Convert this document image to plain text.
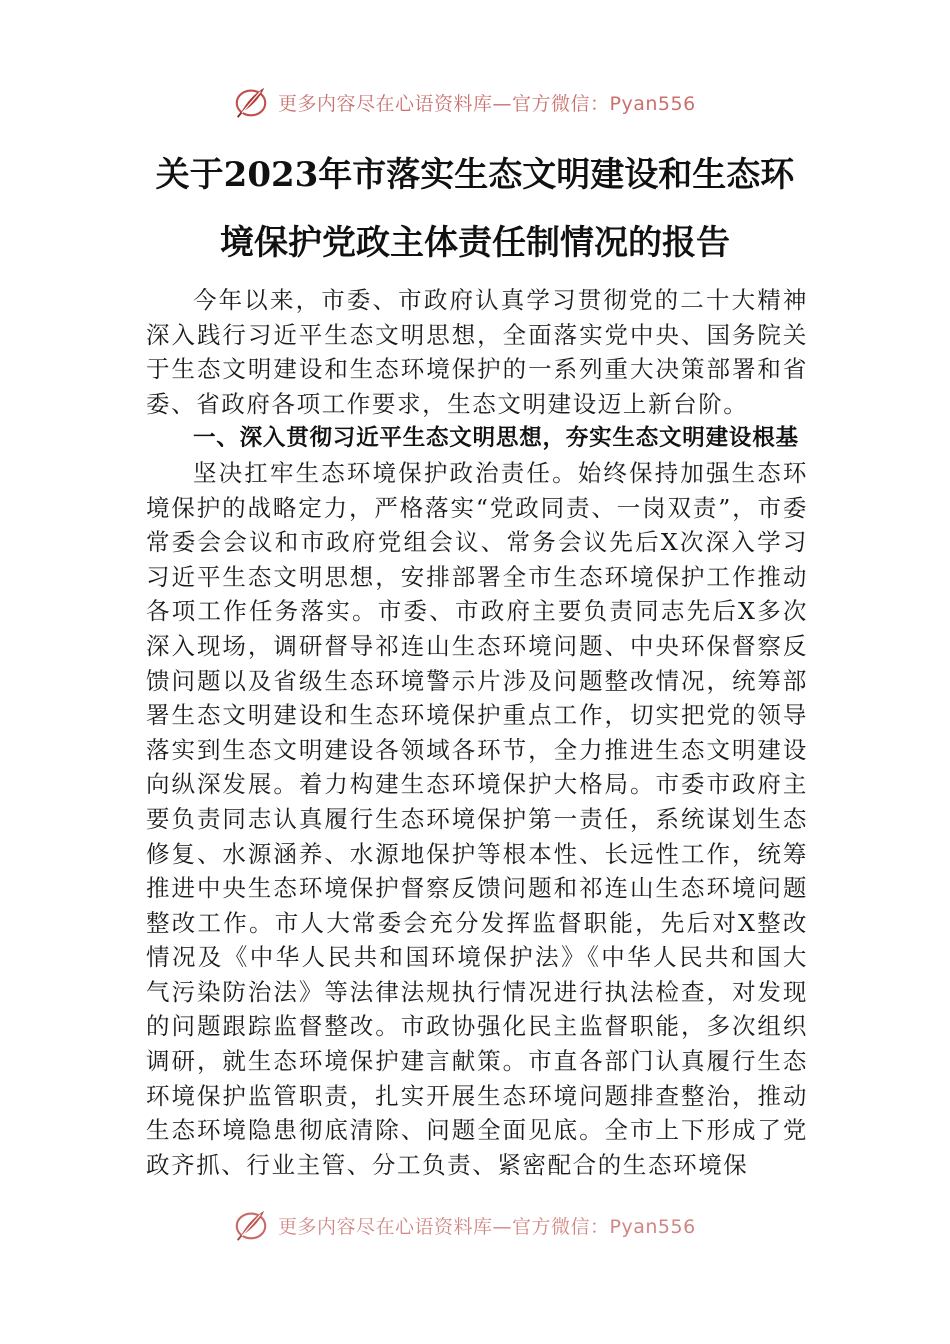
更多内容尽在心语资料库—官方微信：Pyan556
关于2023年市落实生态文明建设和生态环
境保护党政主体责任制情况的报告

今年以来，市委、市政府认真学习贯彻党的二十大精神深入践行习近平生态文明思想，全面落实党中央、国务院关于生态文明建设和生态环境保护的一系列重大决策部署和省委、省政府各项工作要求，生态文明建设迈上新台阶。

一、深入贯彻习近平生态文明思想，夯实生态文明建设根基

坚决扛牢生态环境保护政治责任。始终保持加强生态环境保护的战略定力，严格落实“党政同责、一岗双责”，市委常委会会议和市政府党组会议、常务会议先后X次深入学习习近平生态文明思想，安排部署全市生态环境保护工作推动各项工作任务落实。市委、市政府主要负责同志先后X多次深入现场，调研督导祁连山生态环境问题、中央环保督察反馈问题以及省级生态环境警示片涉及问题整改情况，统筹部署生态文明建设和生态环境保护重点工作，切实把党的领导落实到生态文明建设各领域各环节，全力推进生态文明建设向纵深发展。着力构建生态环境保护大格局。市委市政府主要负责同志认真履行生态环境保护第一责任，系统谋划生态修复、水源涵养、水源地保护等根本性、长远性工作，统筹推进中央生态环境保护督察反馈问题和祁连山生态环境问题整改工作。市人大常委会充分发挥监督职能，先后对X整改情况及《中华人民共和国环境保护法》《中华人民共和国大气污染防治法》等法律法规执行情况进行执法检查，对发现的问题跟踪监督整改。市政协强化民主监督职能，多次组织调研，就生态环境保护建言献策。市直各部门认真履行生态环境保护监管职责，扎实开展生态环境问题排查整治，推动生态环境隐患彻底清除、问题全面见底。全市上下形成了党政齐抓、行业主管、分工负责、紧密配合的生态环境保

更多内容尽在心语资料库—官方微信：Pyan556
